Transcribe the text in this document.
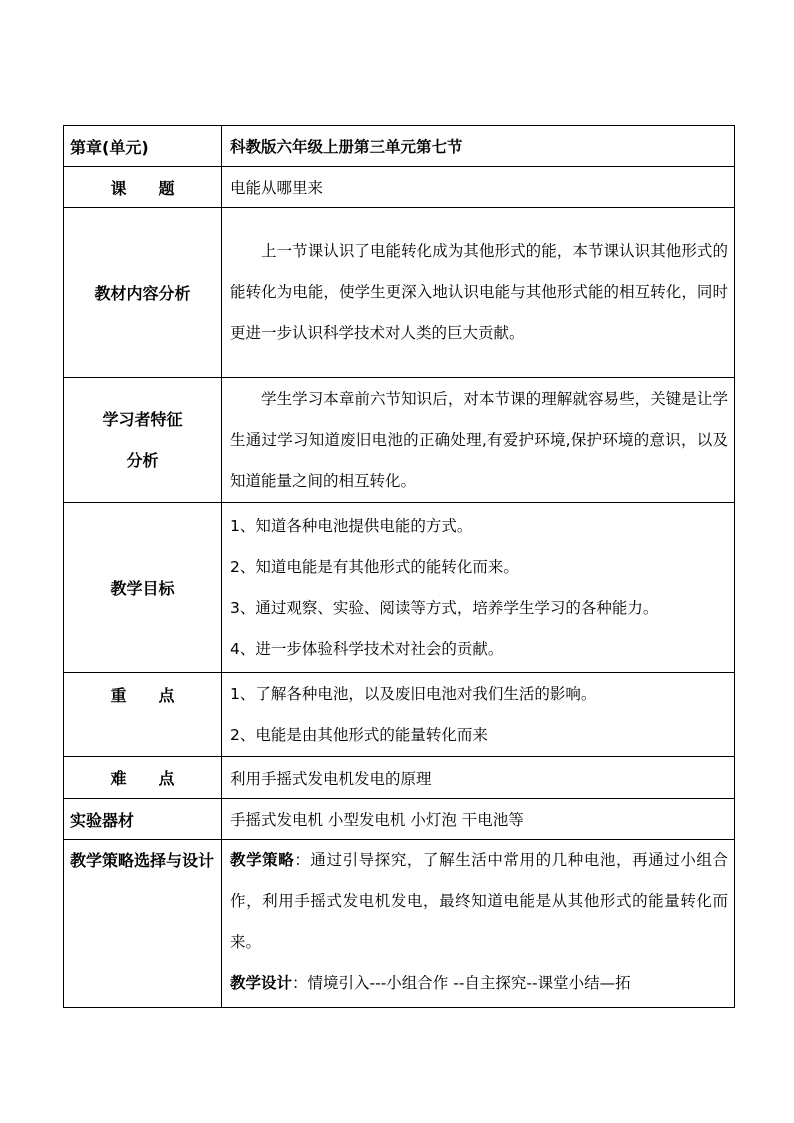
第章(单元)	科教版六年级上册第三单元第七节
课 题	电能从哪里来
教材内容分析	上一节课认识了电能转化成为其他形式的能，本节课认识其他形式的能转化为电能，使学生更深入地认识电能与其他形式能的相互转化，同时更进一步认识科学技术对人类的巨大贡献。

学习者特征
分析	学生学习本章前六节知识后，对本节课的理解就容易些，关键是让学生通过学习知道废旧电池的正确处理,有爱护环境,保护环境的意识，以及知道能量之间的相互转化。

教学目标	1、知道各种电池提供电能的方式。
2、知道电能是有其他形式的能转化而来。
3、通过观察、实验、阅读等方式，培养学生学习的各种能力。
4、进一步体验科学技术对社会的贡献。

重 点	1、了解各种电池，以及废旧电池对我们生活的影响。
2、电能是由其他形式的能量转化而来

难 点	利用手摇式发电机发电的原理
实验器材	手摇式发电机 小型发电机 小灯泡 干电池等
教学策略选择与设计	教学策略：通过引导探究，了解生活中常用的几种电池，再通过小组合作，利用手摇式发电机发电，最终知道电能是从其他形式的能量转化而来。
教学设计：情境引入---小组合作 --自主探究--课堂小结—拓
